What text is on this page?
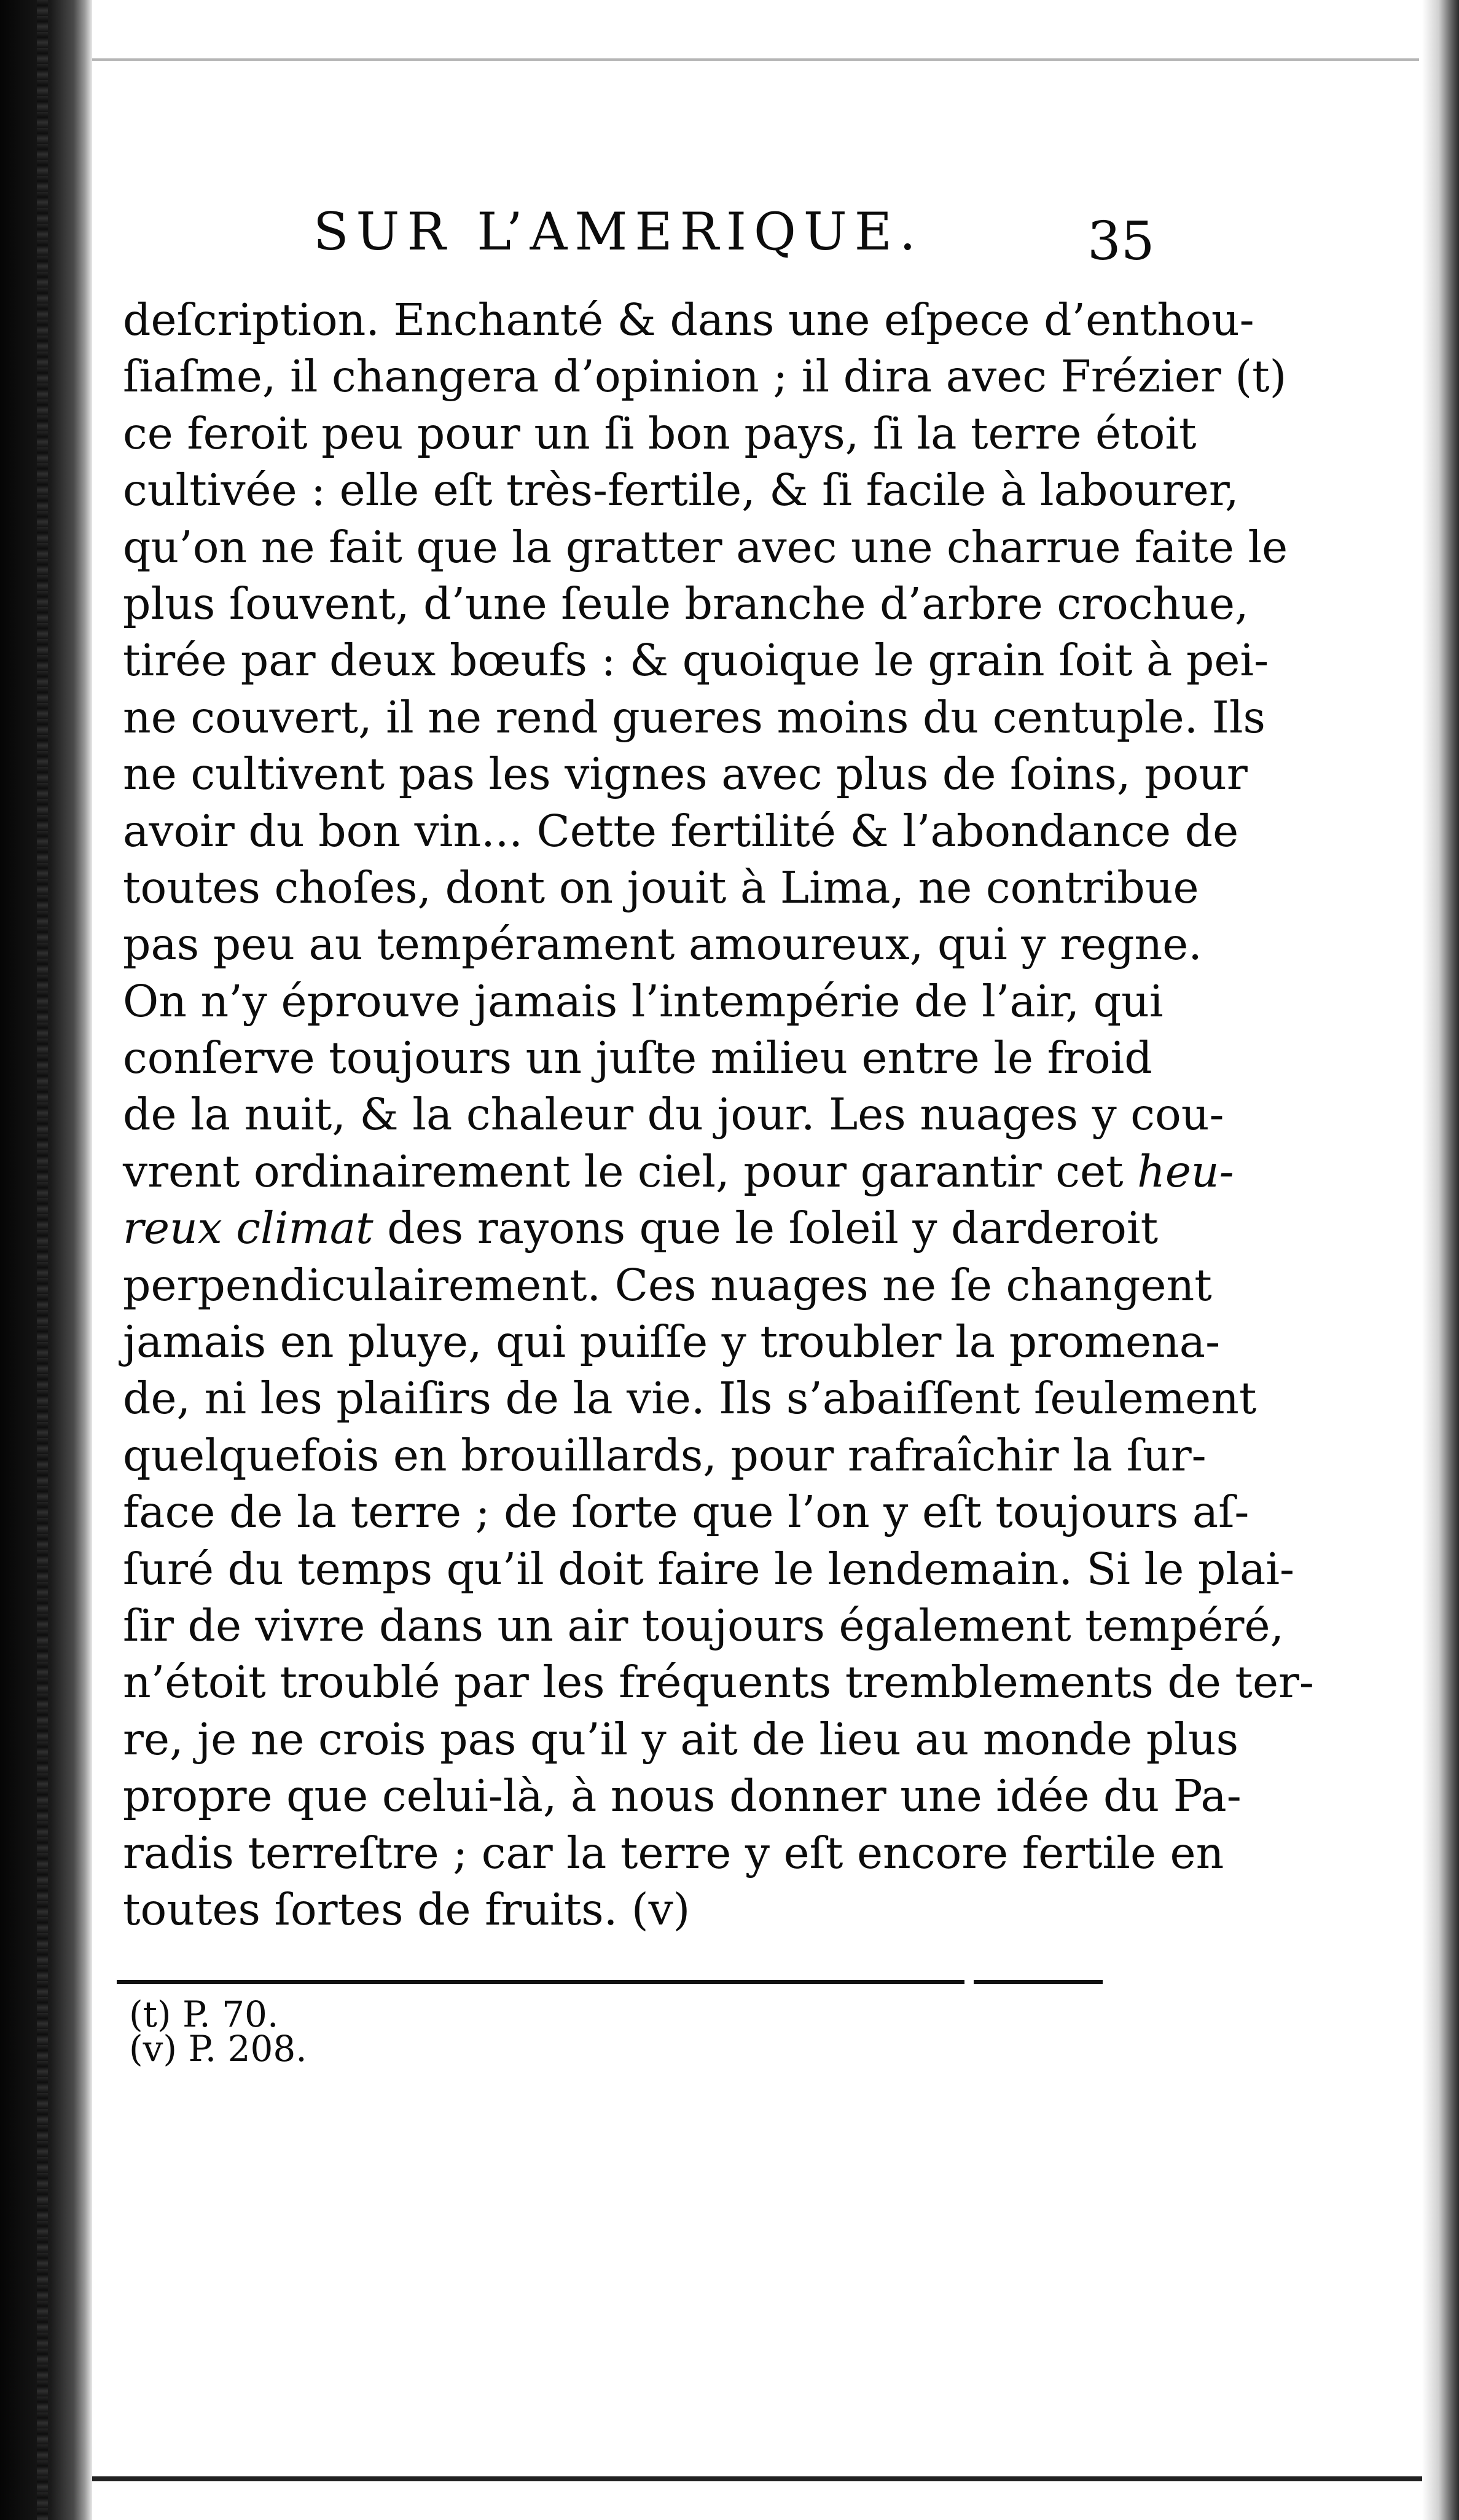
SUR L’AMERIQUE.	35
deſcription. Enchanté & dans une eſpece d’enthou-
ſiaſme, il changera d’opinion ; il dira avec Frézier (t)
ce feroit peu pour un ſi bon pays, ſi la terre étoit
cultivée : elle eſt très-fertile, & ſi facile à labourer,
qu’on ne fait que la gratter avec une charrue faite le
plus ſouvent, d’une ſeule branche d’arbre crochue,
tirée par deux bœufs : & quoique le grain ſoit à pei-
ne couvert, il ne rend gueres moins du centuple. Ils
ne cultivent pas les vignes avec plus de ſoins, pour
avoir du bon vin... Cette fertilité & l’abondance de
toutes choſes, dont on jouit à Lima, ne contribue
pas peu au tempérament amoureux, qui y regne.
On n’y éprouve jamais l’intempérie de l’air, qui
conſerve toujours un juſte milieu entre le froid
de la nuit, & la chaleur du jour. Les nuages y cou-
vrent ordinairement le ciel, pour garantir cet heu-
reux climat des rayons que le ſoleil y darderoit
perpendiculairement. Ces nuages ne ſe changent
jamais en pluye, qui puiſſe y troubler la promena-
de, ni les plaiſirs de la vie. Ils s’abaiſſent ſeulement
quelquefois en brouillards, pour rafraîchir la ſur-
face de la terre ; de ſorte que l’on y eſt toujours aſ-
ſuré du temps qu’il doit faire le lendemain. Si le plai-
ſir de vivre dans un air toujours également tempéré,
n’étoit troublé par les fréquents tremblements de ter-
re, je ne crois pas qu’il y ait de lieu au monde plus
propre que celui-là, à nous donner une idée du Pa-
radis terreſtre ; car la terre y eſt encore fertile en
toutes ſortes de fruits. (v)
(t) P. 70.
(v) P. 208.
